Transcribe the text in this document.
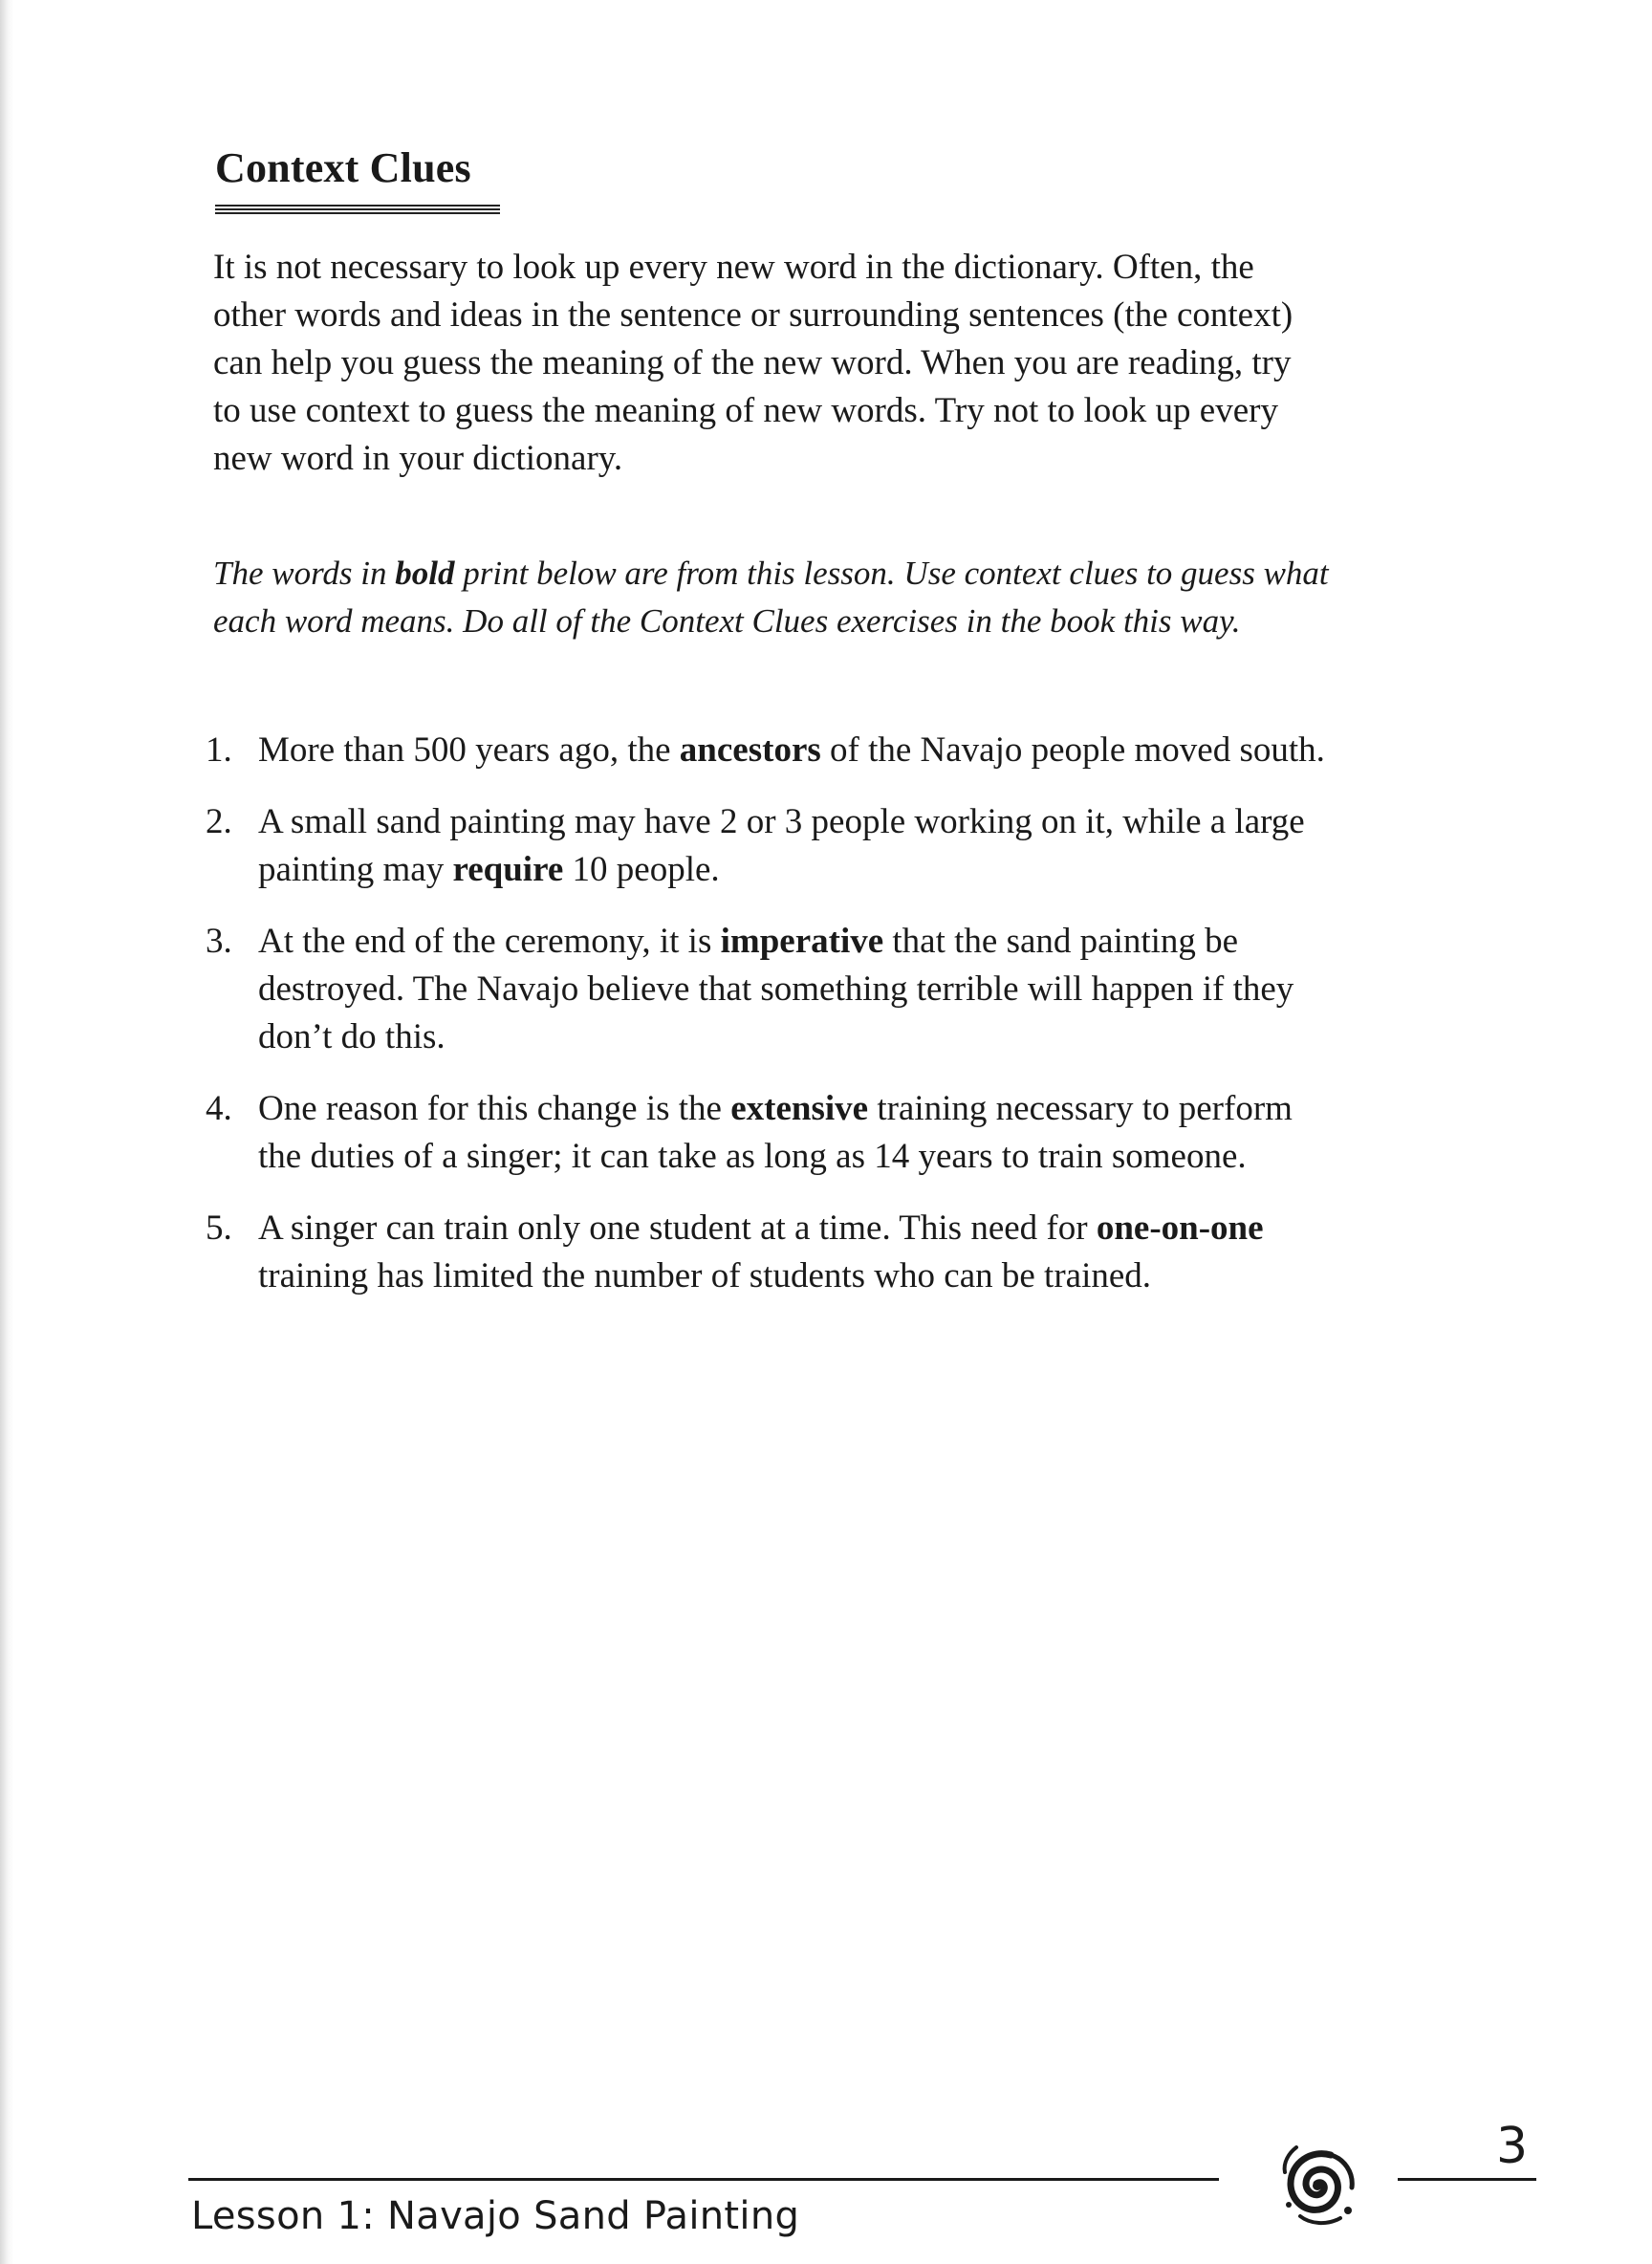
Context Clues

It is not necessary to look up every new word in the dictionary. Often, the other words and ideas in the sentence or surrounding sentences (the context) can help you guess the meaning of the new word. When you are reading, try to use context to guess the meaning of new words. Try not to look up every new word in your dictionary.

The words in bold print below are from this lesson. Use context clues to guess what each word means. Do all of the Context Clues exercises in the book this way.

1. More than 500 years ago, the ancestors of the Navajo people moved south.
2. A small sand painting may have 2 or 3 people working on it, while a large painting may require 10 people.
3. At the end of the ceremony, it is imperative that the sand painting be destroyed. The Navajo believe that something terrible will happen if they don’t do this.
4. One reason for this change is the extensive training necessary to perform the duties of a singer; it can take as long as 14 years to train someone.
5. A singer can train only one student at a time. This need for one-on-one training has limited the number of students who can be trained.
3
Lesson 1: Navajo Sand Painting
